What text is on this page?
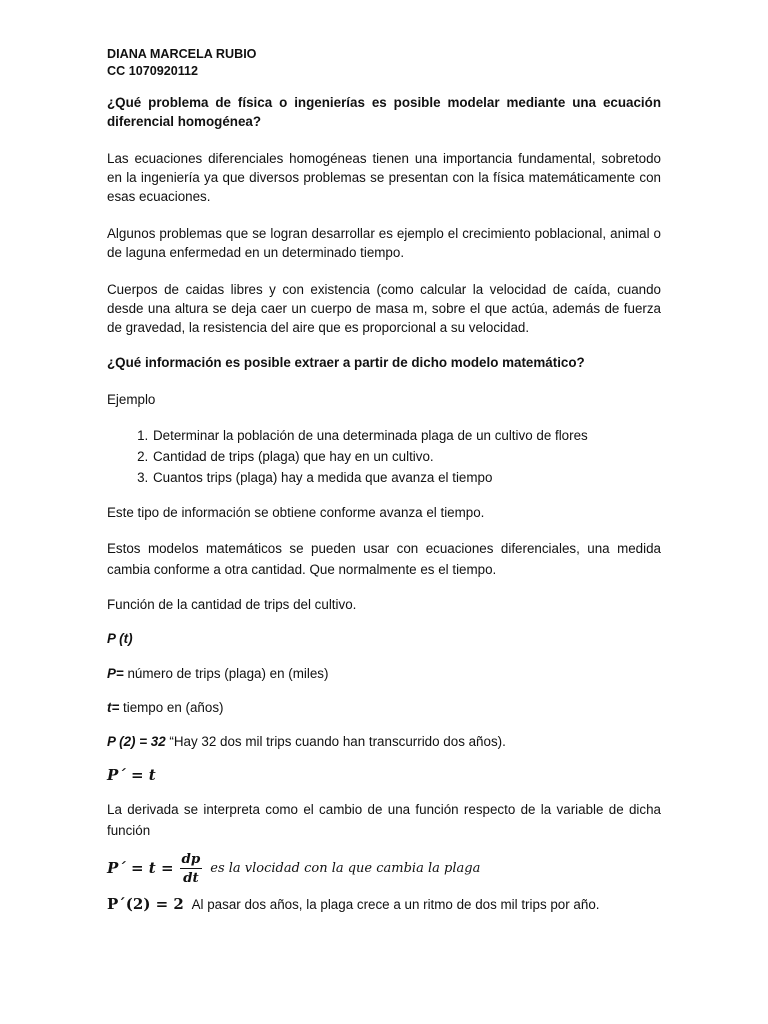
DIANA MARCELA RUBIO
CC 1070920112

¿Qué problema de física o ingenierías es posible modelar mediante una ecuación diferencial homogénea?

Las ecuaciones diferenciales homogéneas tienen una importancia fundamental, sobretodo en la ingeniería ya que diversos problemas se presentan con la física matemáticamente con esas ecuaciones.

Algunos problemas que se logran desarrollar es ejemplo el crecimiento poblacional, animal o de laguna enfermedad en un determinado tiempo.

Cuerpos de caidas libres y con existencia (como calcular la velocidad de caída, cuando desde una altura se deja caer un cuerpo de masa m, sobre el que actúa, además de fuerza de gravedad, la resistencia del aire que es proporcional a su velocidad.

¿Qué información es posible extraer a partir de dicho modelo matemático?

Ejemplo

1. Determinar la población de una determinada plaga de un cultivo de flores
2. Cantidad de trips (plaga) que hay en un cultivo.
3. Cuantos trips (plaga) hay a medida que avanza el tiempo

Este tipo de información se obtiene conforme avanza el tiempo.

Estos modelos matemáticos se pueden usar con ecuaciones diferenciales, una medida cambia conforme a otra cantidad. Que normalmente es el tiempo.

Función de la cantidad de trips del cultivo.

P (t)

P= número de trips (plaga) en (miles)

t= tiempo en (años)

P (2) = 32 “Hay 32 dos mil trips cuando han transcurrido dos años).

P´ = t

La derivada se interpreta como el cambio de una función respecto de la variable de dicha función

P´ = $t = \frac{dp}{dt}$ es la vlocidad con la que cambia la plaga

P´(2) = 2 Al pasar dos años, la plaga crece a un ritmo de dos mil trips por año.
